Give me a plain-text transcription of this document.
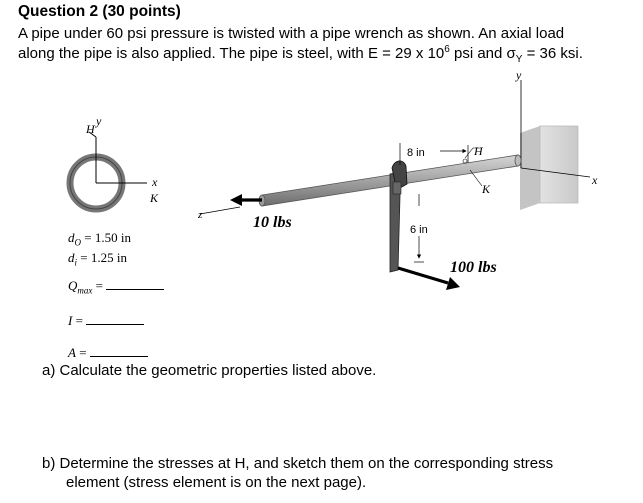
Question 2 (30 points)
A pipe under 60 psi pressure is twisted with a pipe wrench as shown. An axial load
along the pipe is also applied. The pipe is steel, with E = 29 x $10^6$ psi and $\sigma_Y = 36$ ksi.
H
y
x
K
y
x
z	10 lbs
100 lbs
8 in	H
K
6 in
$d_O = 1.50$ in
$d_i = 1.25$ in
$Q_{max}$ =
I =
A =
a) Calculate the geometric properties listed above.
b) Determine the stresses at H, and sketch them on the corresponding stress
element (stress element is on the next page).
